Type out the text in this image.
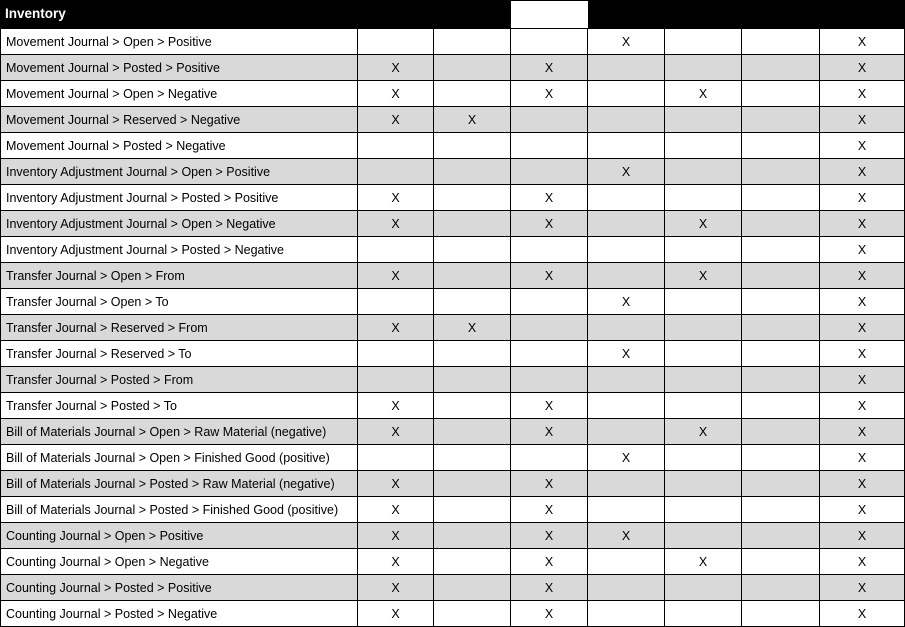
Inventory							
Movement Journal > Open > Positive				X			X
Movement Journal > Posted > Positive	X		X				X
Movement Journal > Open > Negative	X		X		X		X
Movement Journal > Reserved > Negative	X	X					X
Movement Journal > Posted > Negative							X
Inventory Adjustment Journal > Open > Positive				X			X
Inventory Adjustment Journal > Posted > Positive	X		X				X
Inventory Adjustment Journal > Open > Negative	X		X		X		X
Inventory Adjustment Journal > Posted > Negative							X
Transfer Journal > Open > From	X		X		X		X
Transfer Journal > Open > To				X			X
Transfer Journal > Reserved > From	X	X					X
Transfer Journal > Reserved > To				X			X
Transfer Journal > Posted > From							X
Transfer Journal > Posted > To	X		X				X
Bill of Materials Journal > Open > Raw Material (negative)	X		X		X		X
Bill of Materials Journal > Open > Finished Good (positive)				X			X
Bill of Materials Journal > Posted > Raw Material (negative)	X		X				X
Bill of Materials Journal > Posted > Finished Good (positive)	X		X				X
Counting Journal > Open > Positive	X		X	X			X
Counting Journal > Open > Negative	X		X		X		X
Counting Journal > Posted > Positive	X		X				X
Counting Journal > Posted > Negative	X		X				X
